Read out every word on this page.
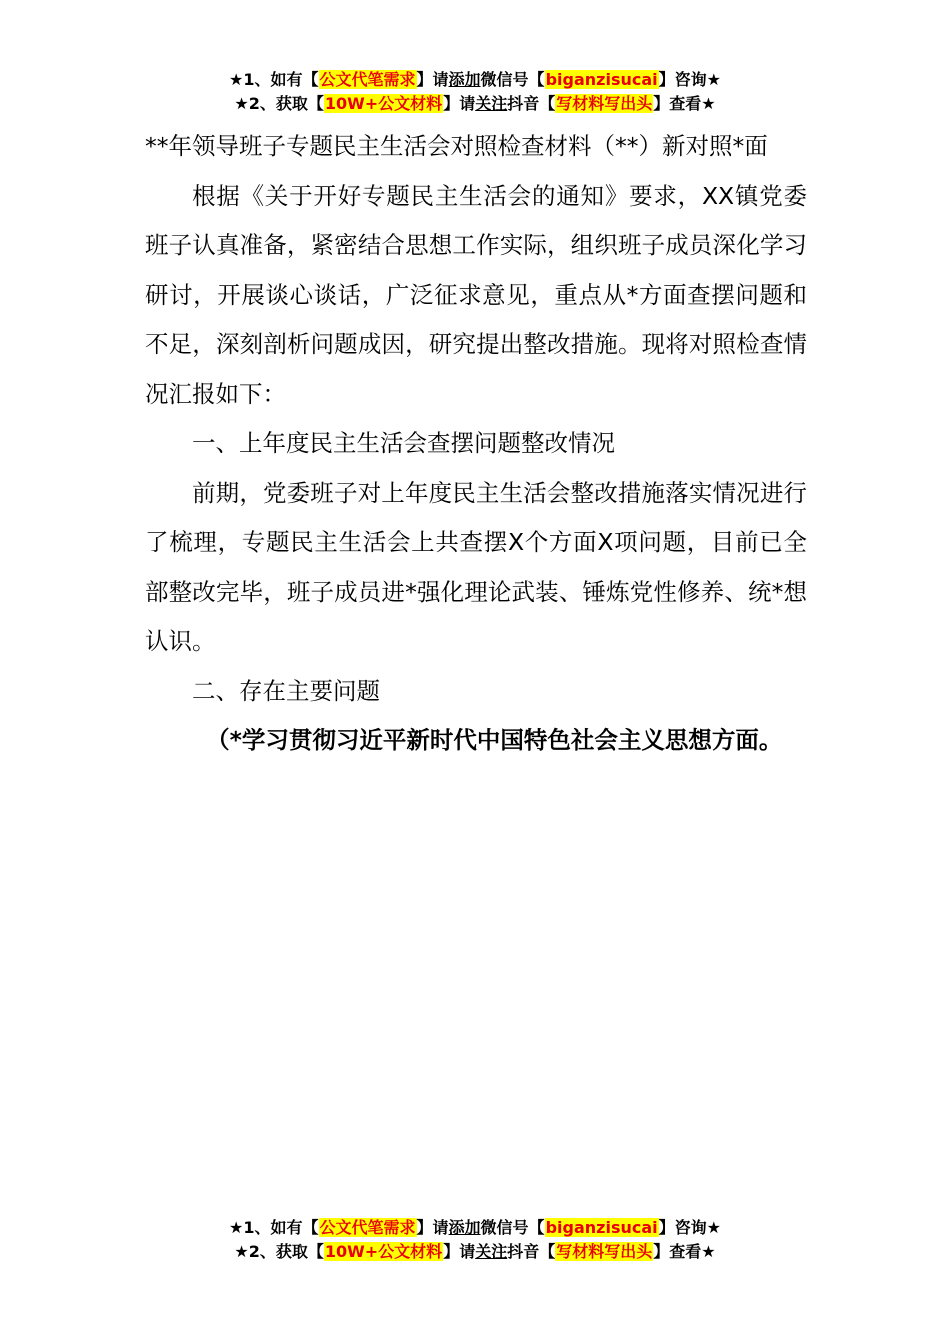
★1、如有【公文代笔需求】请添加微信号【biganzisucai】咨询★
★2、获取【10W+公文材料】请关注抖音【写材料写出头】查看★

**年领导班子专题民主生活会对照检查材料（**）新对照*面

根据《关于开好专题民主生活会的通知》要求，XX镇党委班子认真准备，紧密结合思想工作实际，组织班子成员深化学习研讨，开展谈心谈话，广泛征求意见，重点从*方面查摆问题和不足，深刻剖析问题成因，研究提出整改措施。现将对照检查情况汇报如下：

一、上年度民主生活会查摆问题整改情况

前期，党委班子对上年度民主生活会整改措施落实情况进行了梳理，专题民主生活会上共查摆X个方面X项问题，目前已全部整改完毕，班子成员进*强化理论武装、锤炼党性修养、统*想认识。

二、存在主要问题

（*学习贯彻习近平新时代中国特色社会主义思想方面。

★1、如有【公文代笔需求】请添加微信号【biganzisucai】咨询★
★2、获取【10W+公文材料】请关注抖音【写材料写出头】查看★
